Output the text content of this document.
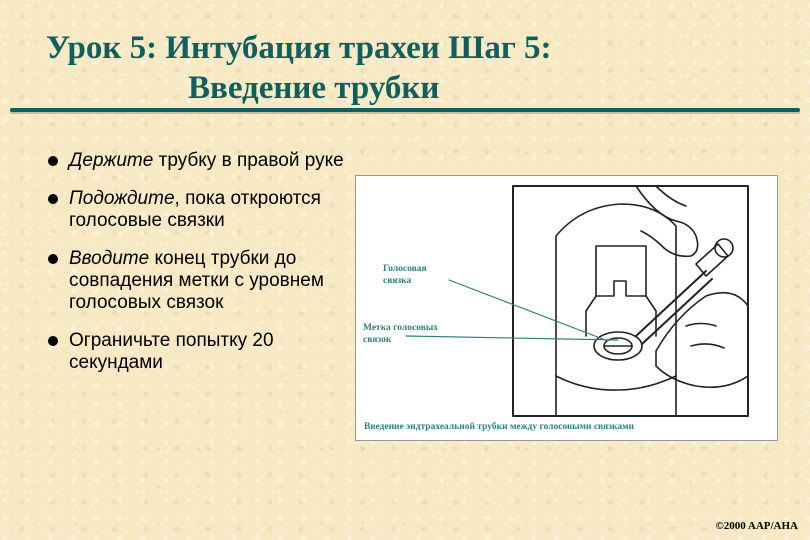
Урок 5: Интубация трахеи Шаг 5:
Введение трубки
Держите трубку в правой руке
Подождите, пока откроются голосовые связки
Вводите конец трубки до совпадения метки с уровнем голосовых связок
Ограничьте попытку 20 секундами
Голосовая связка
Метка голосовых связок
Введение эндтрахеальной трубки между голосовыми связками
©2000 AAP/AHA
